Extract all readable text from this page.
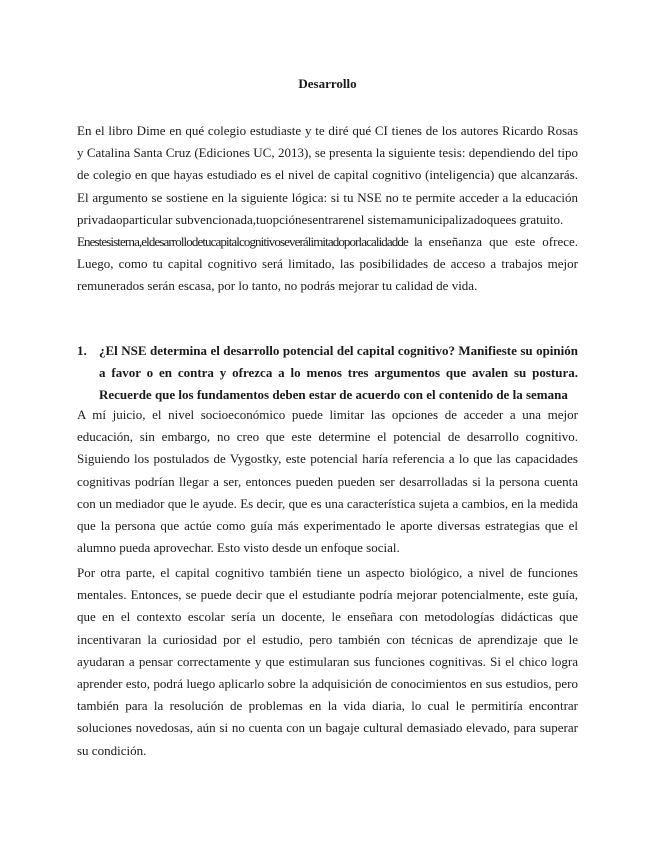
Desarrollo
En el libro Dime en qué colegio estudiaste y te diré qué CI tienes de los autores Ricardo Rosas y Catalina Santa Cruz (Ediciones UC, 2013), se presenta la siguiente tesis: dependiendo del tipo de colegio en que hayas estudiado es el nivel de capital cognitivo (inteligencia) que alcanzarás. El argumento se sostiene en la siguiente lógica: si tu NSE no te permite acceder a la educación privadaoparticular subvencionada,tuopciónesentrarenel sistemamunicipalizadoquees gratuito.
Enestesistema,eldesarrollodetucapitalcognitivoseverálimitadoporlacalidadde la enseñanza que este ofrece. Luego, como tu capital cognitivo será limitado, las posibilidades de acceso a trabajos mejor remunerados serán escasa, por lo tanto, no podrás mejorar tu calidad de vida.
1. ¿El NSE determina el desarrollo potencial del capital cognitivo? Manifieste su opinión a favor o en contra y ofrezca a lo menos tres argumentos que avalen su postura. Recuerde que los fundamentos deben estar de acuerdo con el contenido de la semana
A mí juicio, el nivel socioeconómico puede limitar las opciones de acceder a una mejor educación, sin embargo, no creo que este determine el potencial de desarrollo cognitivo. Siguiendo los postulados de Vygostky, este potencial haría referencia a lo que las capacidades cognitivas podrían llegar a ser, entonces pueden pueden ser desarrolladas si la persona cuenta con un mediador que le ayude. Es decir, que es una característica sujeta a cambios, en la medida que la persona que actúe como guía más experimentado le aporte diversas estrategias que el alumno pueda aprovechar. Esto visto desde un enfoque social.
Por otra parte, el capital cognitivo también tiene un aspecto biológico, a nivel de funciones mentales. Entonces, se puede decir que el estudiante podría mejorar potencialmente, este guía, que en el contexto escolar sería un docente, le enseñara con metodologías didácticas que incentivaran la curiosidad por el estudio, pero también con técnicas de aprendizaje que le ayudaran a pensar correctamente y que estimularan sus funciones cognitivas. Si el chico logra aprender esto, podrá luego aplicarlo sobre la adquisición de conocimientos en sus estudios, pero también para la resolución de problemas en la vida diaria, lo cual le permitiría encontrar soluciones novedosas, aún si no cuenta con un bagaje cultural demasiado elevado, para superar su condición.
